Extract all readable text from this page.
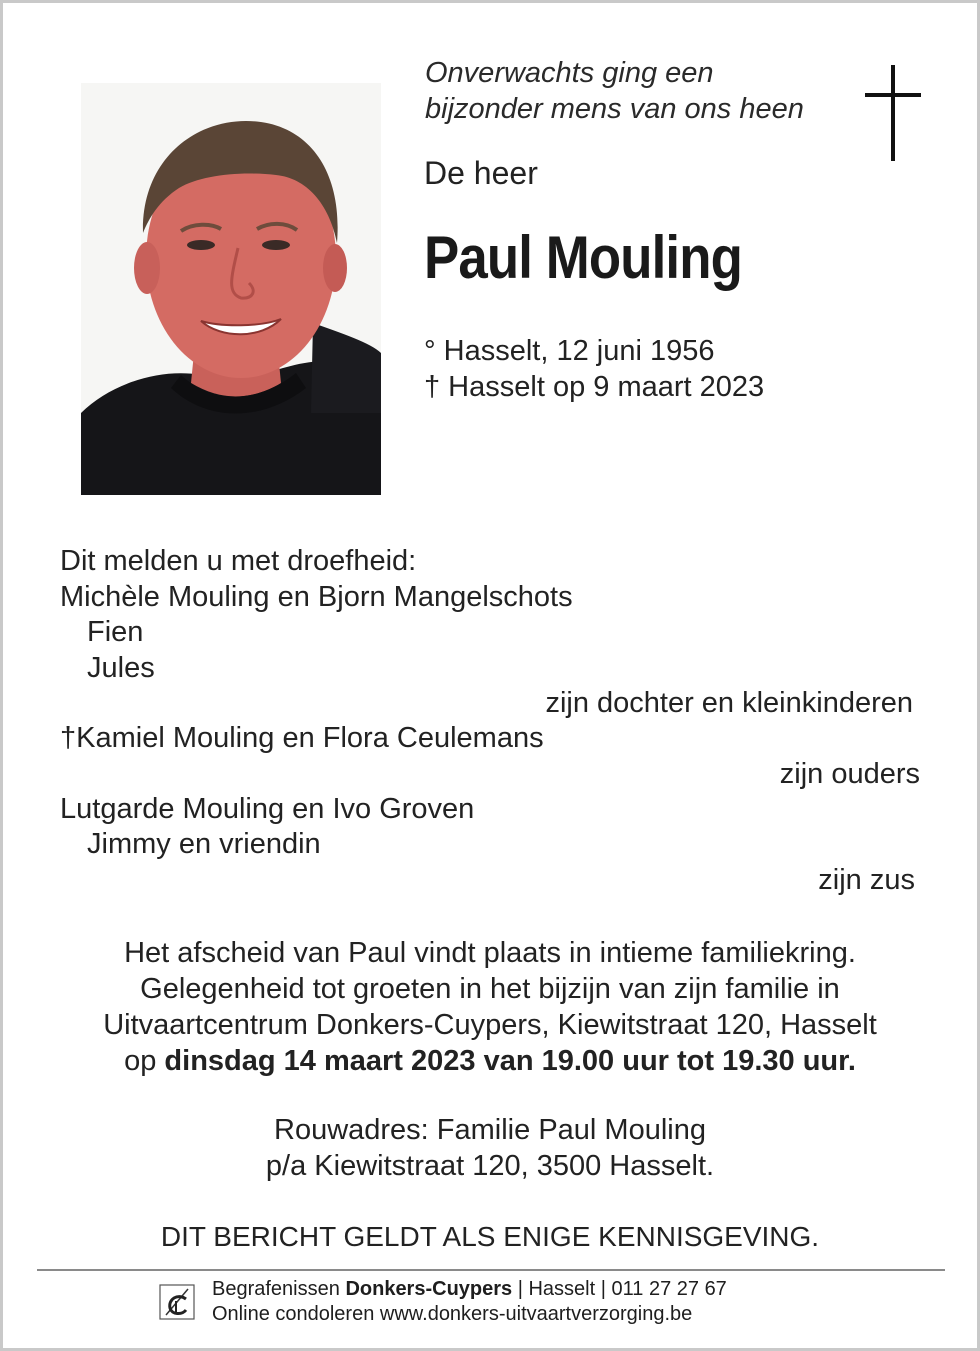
Onverwachts ging een
bijzonder mens van ons heen
De heer
Paul Mouling
° Hasselt, 12 juni 1956
† Hasselt op 9 maart 2023
Dit melden u met droefheid:
Michèle Mouling en Bjorn Mangelschots
Fien
Jules
zijn dochter en kleinkinderen
†Kamiel Mouling en Flora Ceulemans
zijn ouders
Lutgarde Mouling en Ivo Groven
Jimmy en vriendin
zijn zus
Het afscheid van Paul vindt plaats in intieme familiekring.
Gelegenheid tot groeten in het bijzijn van zijn familie in
Uitvaartcentrum Donkers-Cuypers, Kiewitstraat 120, Hasselt
op dinsdag 14 maart 2023 van 19.00 uur tot 19.30 uur.
Rouwadres: Familie Paul Mouling
p/a Kiewitstraat 120, 3500 Hasselt.
DIT BERICHT GELDT ALS ENIGE KENNISGEVING.
Begrafenissen Donkers-Cuypers | Hasselt | 011 27 27 67
Online condoleren www.donkers-uitvaartverzorging.be
